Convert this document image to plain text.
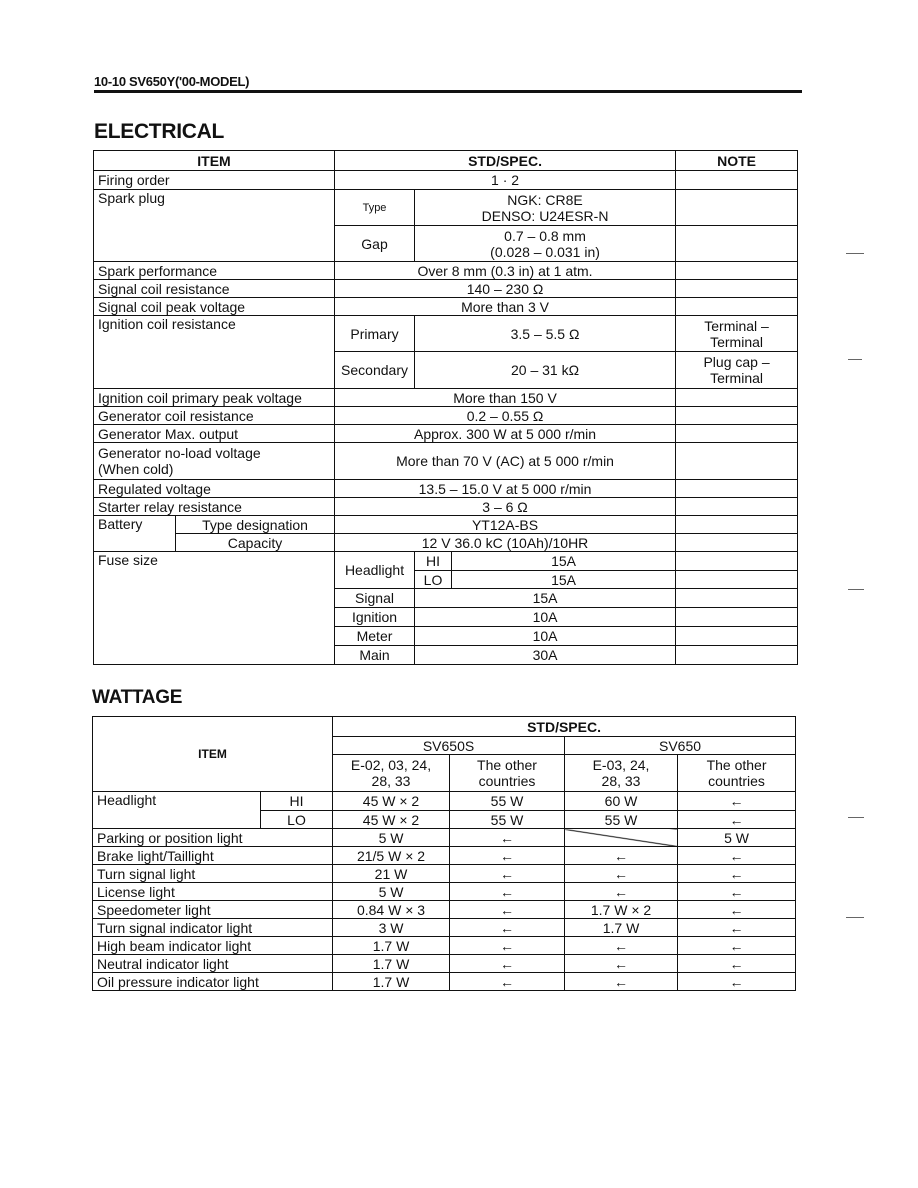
10-10 SV650Y('00-MODEL)
ELECTRICAL
ITEM		STD/SPEC.			NOTE
Firing order		1 · 2			
Spark plug		Type	NGK: CR8E
DENSO: U24ESR-N		
		Gap	0.7 – 0.8 mm
(0.028 – 0.031 in)		
Spark performance		Over 8 mm (0.3 in) at 1 atm.			
Signal coil resistance		140 – 230 Ω			
Signal coil peak voltage		More than 3 V			
Ignition coil resistance		Primary	3.5 – 5.5 Ω		Terminal –
Terminal
		Secondary	20 – 31 kΩ		Plug cap –
Terminal
Ignition coil primary peak voltage		More than 150 V			
Generator coil resistance		0.2 – 0.55 Ω			
Generator Max. output		Approx. 300 W at 5 000 r/min			
Generator no-load voltage
(When cold)		More than 70 V (AC) at 5 000 r/min			
Regulated voltage		13.5 – 15.0 V at 5 000 r/min			
Starter relay resistance		3 – 6 Ω			
Battery	Type designation	YT12A-BS			
	Capacity	12 V 36.0 kC (10Ah)/10HR			
Fuse size		Headlight	HI	15A	
			LO	15A	
		Signal	15A		
		Ignition	10A		
		Meter	10A		
		Main	30A		
WATTAGE
ITEM		STD/SPEC.			
		SV650S		SV650	
		E-02, 03, 24,
28, 33	The other
countries	E-03, 24,
28, 33	The other
countries
Headlight	HI	45 W × 2	55 W	60 W	←
	LO	45 W × 2	55 W	55 W	←
Parking or position light		5 W	←		5 W
Brake light/Taillight		21/5 W × 2	←	←	←
Turn signal light		21 W	←	←	←
License light		5 W	←	←	←
Speedometer light		0.84 W × 3	←	1.7 W × 2	←
Turn signal indicator light		3 W	←	1.7 W	←
High beam indicator light		1.7 W	←	←	←
Neutral indicator light		1.7 W	←	←	←
Oil pressure indicator light		1.7 W	←	←	←
